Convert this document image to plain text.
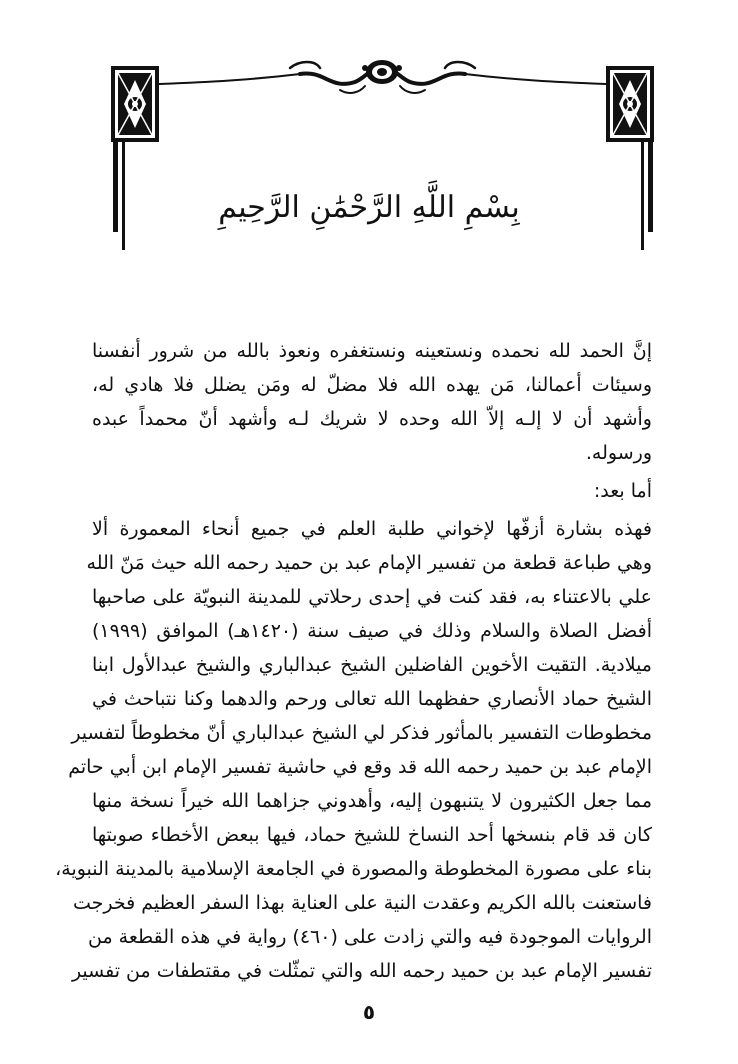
بِسْمِ اللَّهِ الرَّحْمَٰنِ الرَّحِيمِ
إنَّ الحمد لله نحمده ونستعينه ونستغفره ونعوذ بالله من شرور أنفسنا
وسيئات أعمالنا، مَن يهده الله فلا مضلّ له ومَن يضلل فلا هادي له،
وأشهد أن لا إلـه إلاّ الله وحده لا شريك لـه وأشهد أنّ محمداً عبده
ورسوله.
أما بعد:
فهذه بشارة أزفّها لإخواني طلبة العلم في جميع أنحاء المعمورة ألا
وهي طباعة قطعة من تفسير الإمام عبد بن حميد رحمه الله حيث مَنّ الله
علي بالاعتناء به، فقد كنت في إحدى رحلاتي للمدينة النبويّة على صاحبها
أفضل الصلاة والسلام وذلك في صيف سنة (١٤٢٠هـ) الموافق (١٩٩٩)
ميلادية. التقيت الأخوين الفاضلين الشيخ عبدالباري والشيخ عبدالأول ابنا
الشيخ حماد الأنصاري حفظهما الله تعالى ورحم والدهما وكنا نتباحث في
مخطوطات التفسير بالمأثور فذكر لي الشيخ عبدالباري أنّ مخطوطاً لتفسير
الإمام عبد بن حميد رحمه الله قد وقع في حاشية تفسير الإمام ابن أبي حاتم
مما جعل الكثيرون لا يتنبهون إليه، وأهدوني جزاهما الله خيراً نسخة منها
كان قد قام بنسخها أحد النساخ للشيخ حماد، فيها ببعض الأخطاء صوبتها
بناء على مصورة المخطوطة والمصورة في الجامعة الإسلامية بالمدينة النبوية،
فاستعنت بالله الكريم وعقدت النية على العناية بهذا السفر العظيم فخرجت
الروايات الموجودة فيه والتي زادت على (٤٦٠) رواية في هذه القطعة من
تفسير الإمام عبد بن حميد رحمه الله والتي تمثّلت في مقتطفات من تفسير
٥
